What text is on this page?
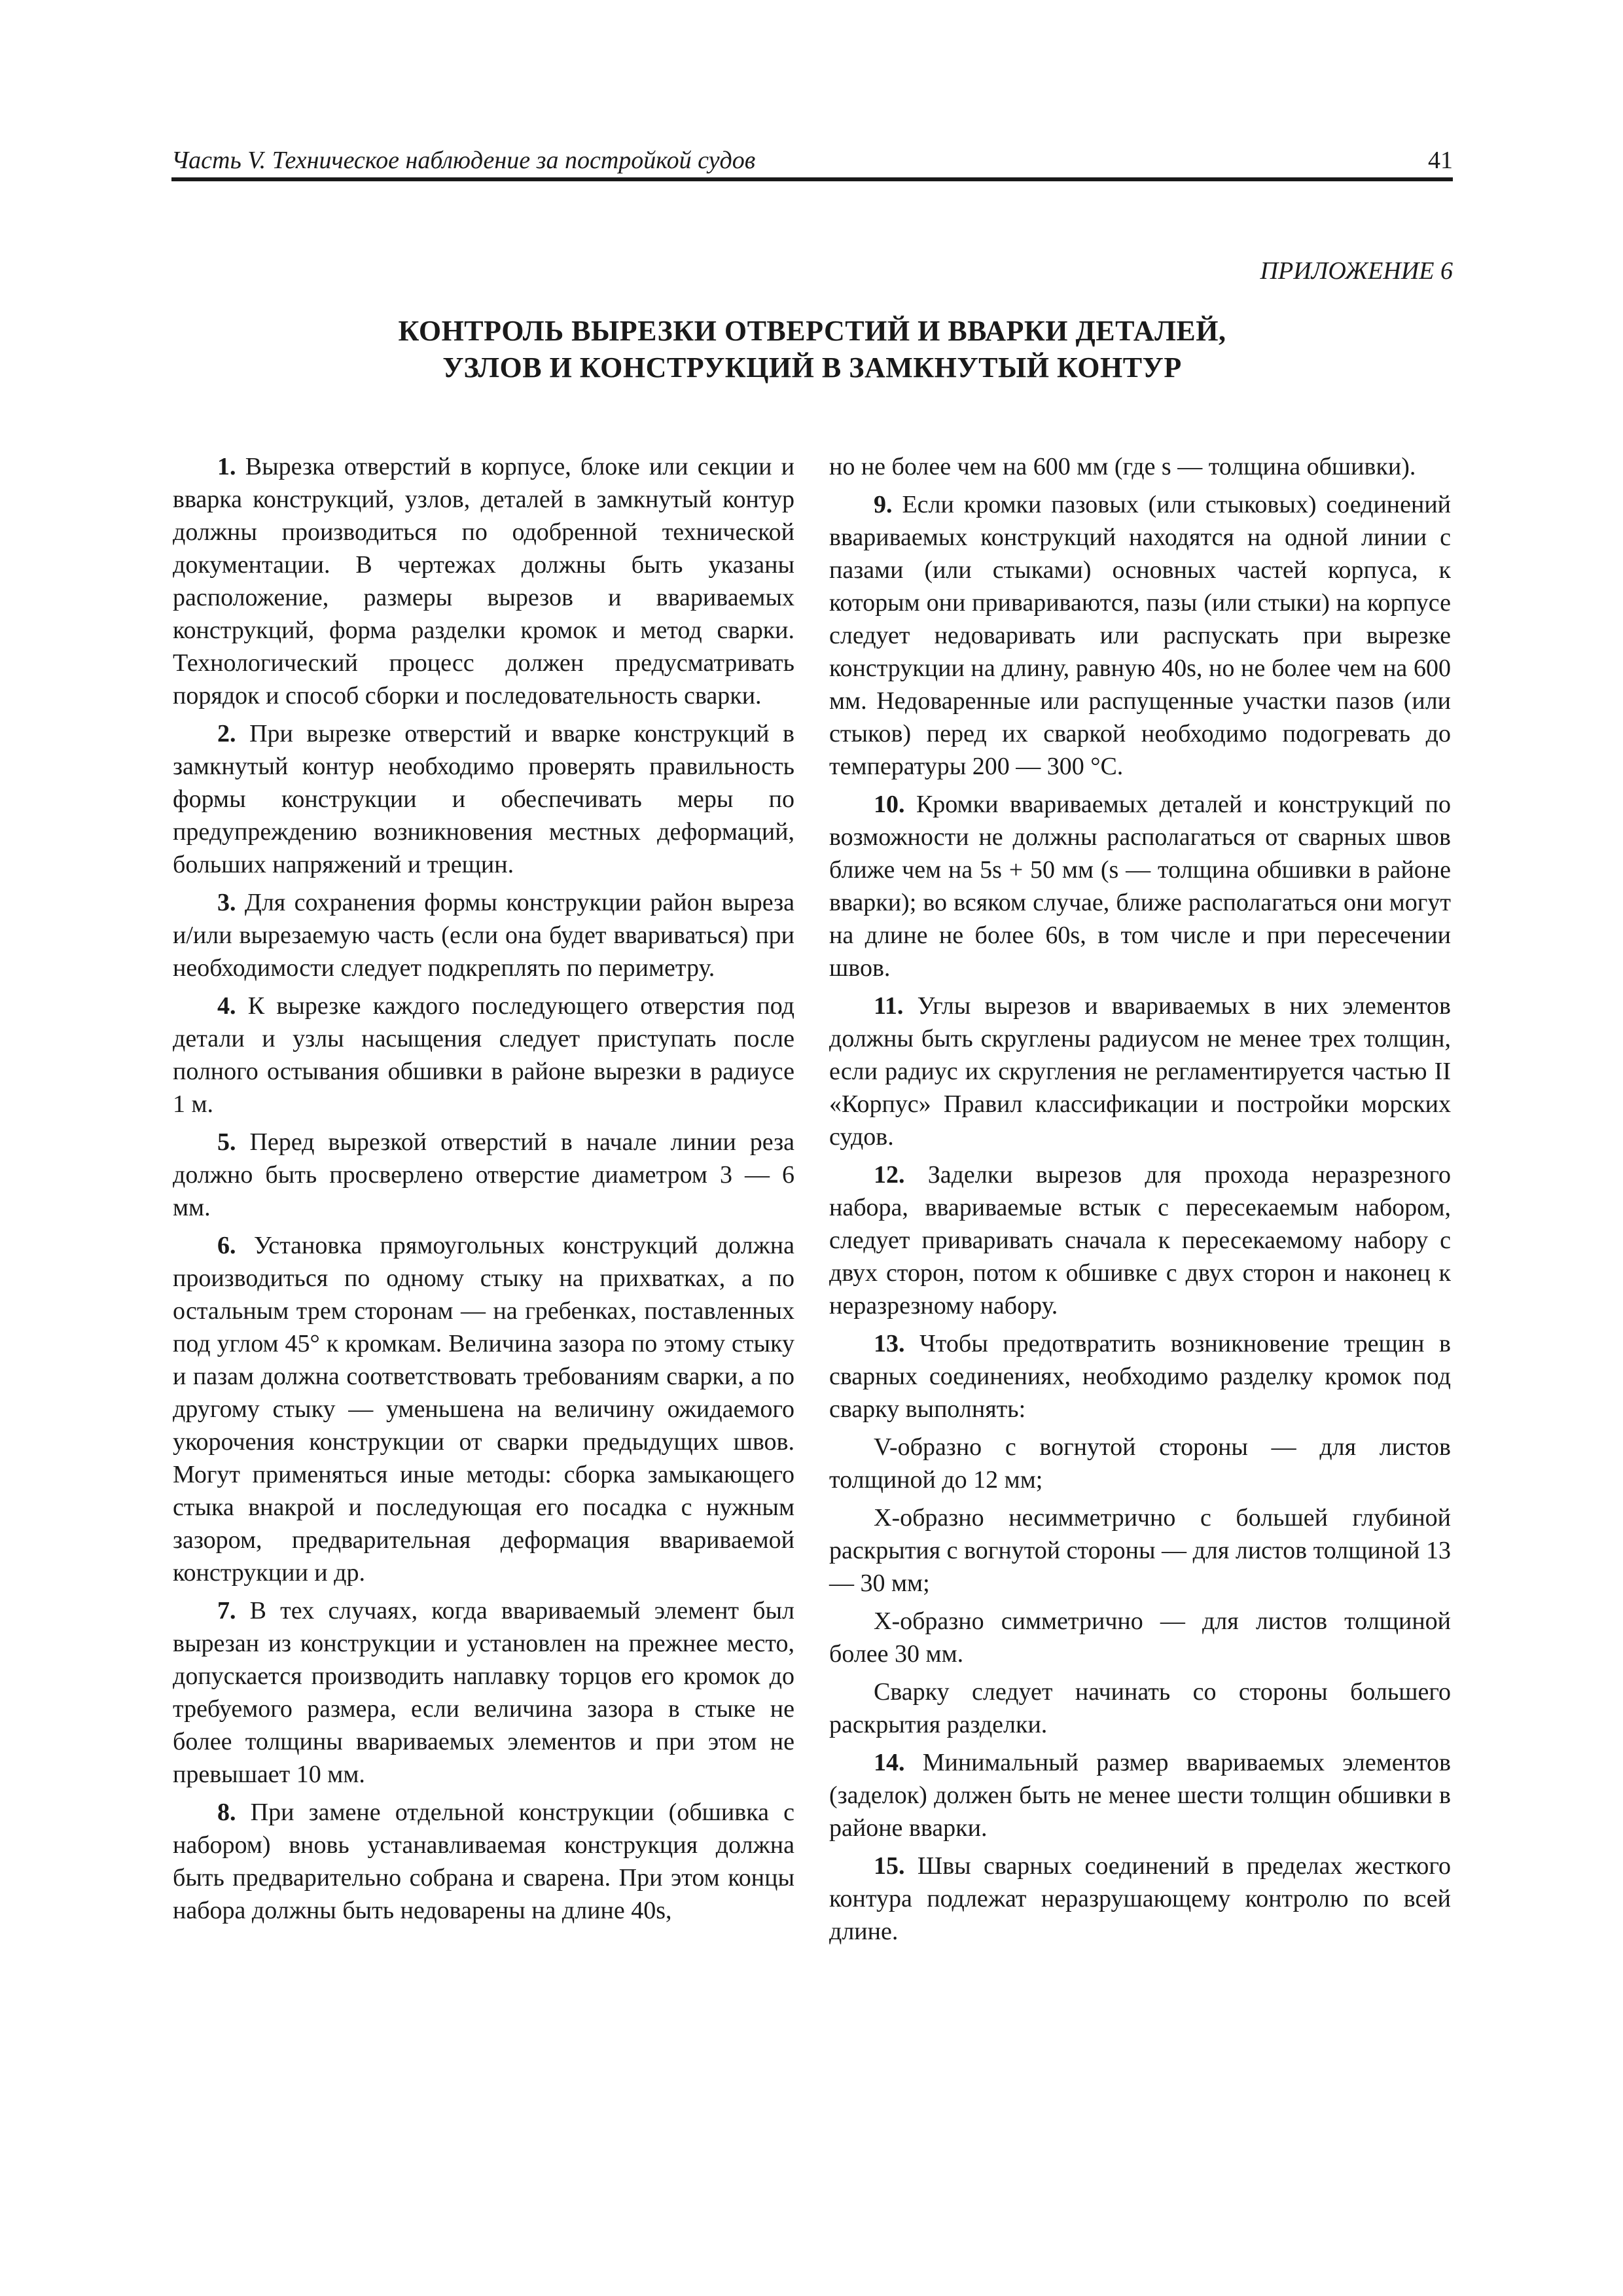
Часть V. Техническое наблюдение за постройкой судов	41
ПРИЛОЖЕНИЕ 6
КОНТРОЛЬ ВЫРЕЗКИ ОТВЕРСТИЙ И ВВАРКИ ДЕТАЛЕЙ,
УЗЛОВ И КОНСТРУКЦИЙ В ЗАМКНУТЫЙ КОНТУР

1. Вырезка отверстий в корпусе, блоке или секции и вварка конструкций, узлов, деталей в замкнутый контур должны производиться по одобренной технической документации. В чертежах должны быть указаны расположение, размеры вырезов и ввариваемых конструкций, форма разделки кромок и метод сварки. Технологический процесс должен предусматривать порядок и способ сборки и последовательность сварки.

2. При вырезке отверстий и вварке конструкций в замкнутый контур необходимо проверять правильность формы конструкции и обеспечивать меры по предупреждению возникновения местных деформаций, больших напряжений и трещин.

3. Для сохранения формы конструкции район выреза и/или вырезаемую часть (если она будет ввариваться) при необходимости следует подкреплять по периметру.

4. К вырезке каждого последующего отверстия под детали и узлы насыщения следует приступать после полного остывания обшивки в районе вырезки в радиусе 1 м.

5. Перед вырезкой отверстий в начале линии реза должно быть просверлено отверстие диаметром 3 — 6 мм.

6. Установка прямоугольных конструкций должна производиться по одному стыку на прихватках, а по остальным трем сторонам — на гребенках, поставленных под углом 45° к кромкам. Величина зазора по этому стыку и пазам должна соответствовать требованиям сварки, а по другому стыку — уменьшена на величину ожидаемого укорочения конструкции от сварки предыдущих швов. Могут применяться иные методы: сборка замыкающего стыка внакрой и последующая его посадка с нужным зазором, предварительная деформация ввариваемой конструкции и др.

7. В тех случаях, когда ввариваемый элемент был вырезан из конструкции и установлен на прежнее место, допускается производить наплавку торцов его кромок до требуемого размера, если величина зазора в стыке не более толщины ввариваемых элементов и при этом не превышает 10 мм.

8. При замене отдельной конструкции (обшивка с набором) вновь устанавливаемая конструкция должна быть предварительно собрана и сварена. При этом концы набора должны быть недоварены на длине 40s,

но не более чем на 600 мм (где s — толщина обшивки).

9. Если кромки пазовых (или стыковых) соединений ввариваемых конструкций находятся на одной линии с пазами (или стыками) основных частей корпуса, к которым они привариваются, пазы (или стыки) на корпусе следует недоваривать или распускать при вырезке конструкции на длину, равную 40s, но не более чем на 600 мм. Недоваренные или распущенные участки пазов (или стыков) перед их сваркой необходимо подогревать до температуры 200 — 300 °С.

10. Кромки ввариваемых деталей и конструкций по возможности не должны располагаться от сварных швов ближе чем на 5s + 50 мм (s — толщина обшивки в районе вварки); во всяком случае, ближе располагаться они могут на длине не более 60s, в том числе и при пересечении швов.

11. Углы вырезов и ввариваемых в них элементов должны быть скруглены радиусом не менее трех толщин, если радиус их скругления не регламентируется частью II «Корпус» Правил классификации и постройки морских судов.

12. Заделки вырезов для прохода неразрезного набора, ввариваемые встык с пересекаемым набором, следует приваривать сначала к пересекаемому набору с двух сторон, потом к обшивке с двух сторон и наконец к неразрезному набору.

13. Чтобы предотвратить возникновение трещин в сварных соединениях, необходимо разделку кромок под сварку выполнять:

V-образно с вогнутой стороны — для листов толщиной до 12 мм;

X-образно несимметрично с большей глубиной раскрытия с вогнутой стороны — для листов толщиной 13 — 30 мм;

X-образно симметрично — для листов толщиной более 30 мм.

Сварку следует начинать со стороны большего раскрытия разделки.

14. Минимальный размер ввариваемых элементов (заделок) должен быть не менее шести толщин обшивки в районе вварки.

15. Швы сварных соединений в пределах жесткого контура подлежат неразрушающему контролю по всей длине.
